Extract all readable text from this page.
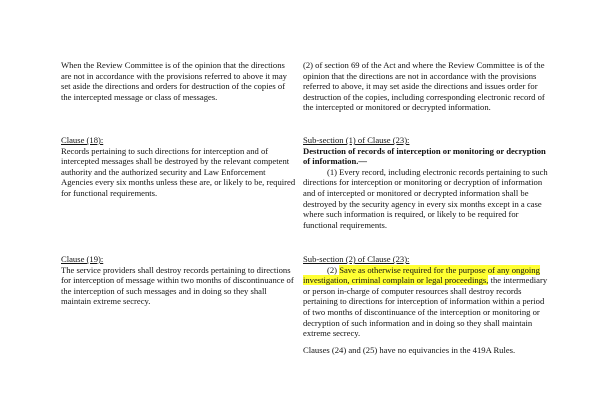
When the Review Committee is of the opinion that the directions are not in accordance with the provisions referred to above it may set aside the directions and orders for destruction of the copies of the intercepted message or class of messages.

Clause (18):

Records pertaining to such directions for interception and of intercepted messages shall be destroyed by the relevant competent authority and the authorized security and Law Enforcement Agencies every six months unless these are, or likely to be, required for functional requirements.

Clause (19):

The service providers shall destroy records pertaining to directions for interception of message within two months of discontinuance of the interception of such messages and in doing so they shall maintain extreme secrecy.

(2) of section 69 of the Act and where the Review Committee is of the opinion that the directions are not in accordance with the provisions referred to above, it may set aside the directions and issues order for destruction of the copies, including corresponding electronic record of the intercepted or monitored or decrypted information.

Sub-section (1) of Clause (23):

Destruction of records of interception or monitoring or decryption of information.—

(1) Every record, including electronic records pertaining to such directions for interception or monitoring or decryption of information and of intercepted or monitored or decrypted information shall be destroyed by the security agency in every six months except in a case where such information is required, or likely to be required for functional requirements.

Sub-section (2) of Clause (23):

(2) Save as otherwise required for the purpose of any ongoing investigation, criminal complain or legal proceedings, the intermediary or person in-charge of computer resources shall destroy records pertaining to directions for interception of information within a period of two months of discontinuance of the interception or monitoring or decryption of such information and in doing so they shall maintain extreme secrecy.

Clauses (24) and (25) have no equivancies in the 419A Rules.
